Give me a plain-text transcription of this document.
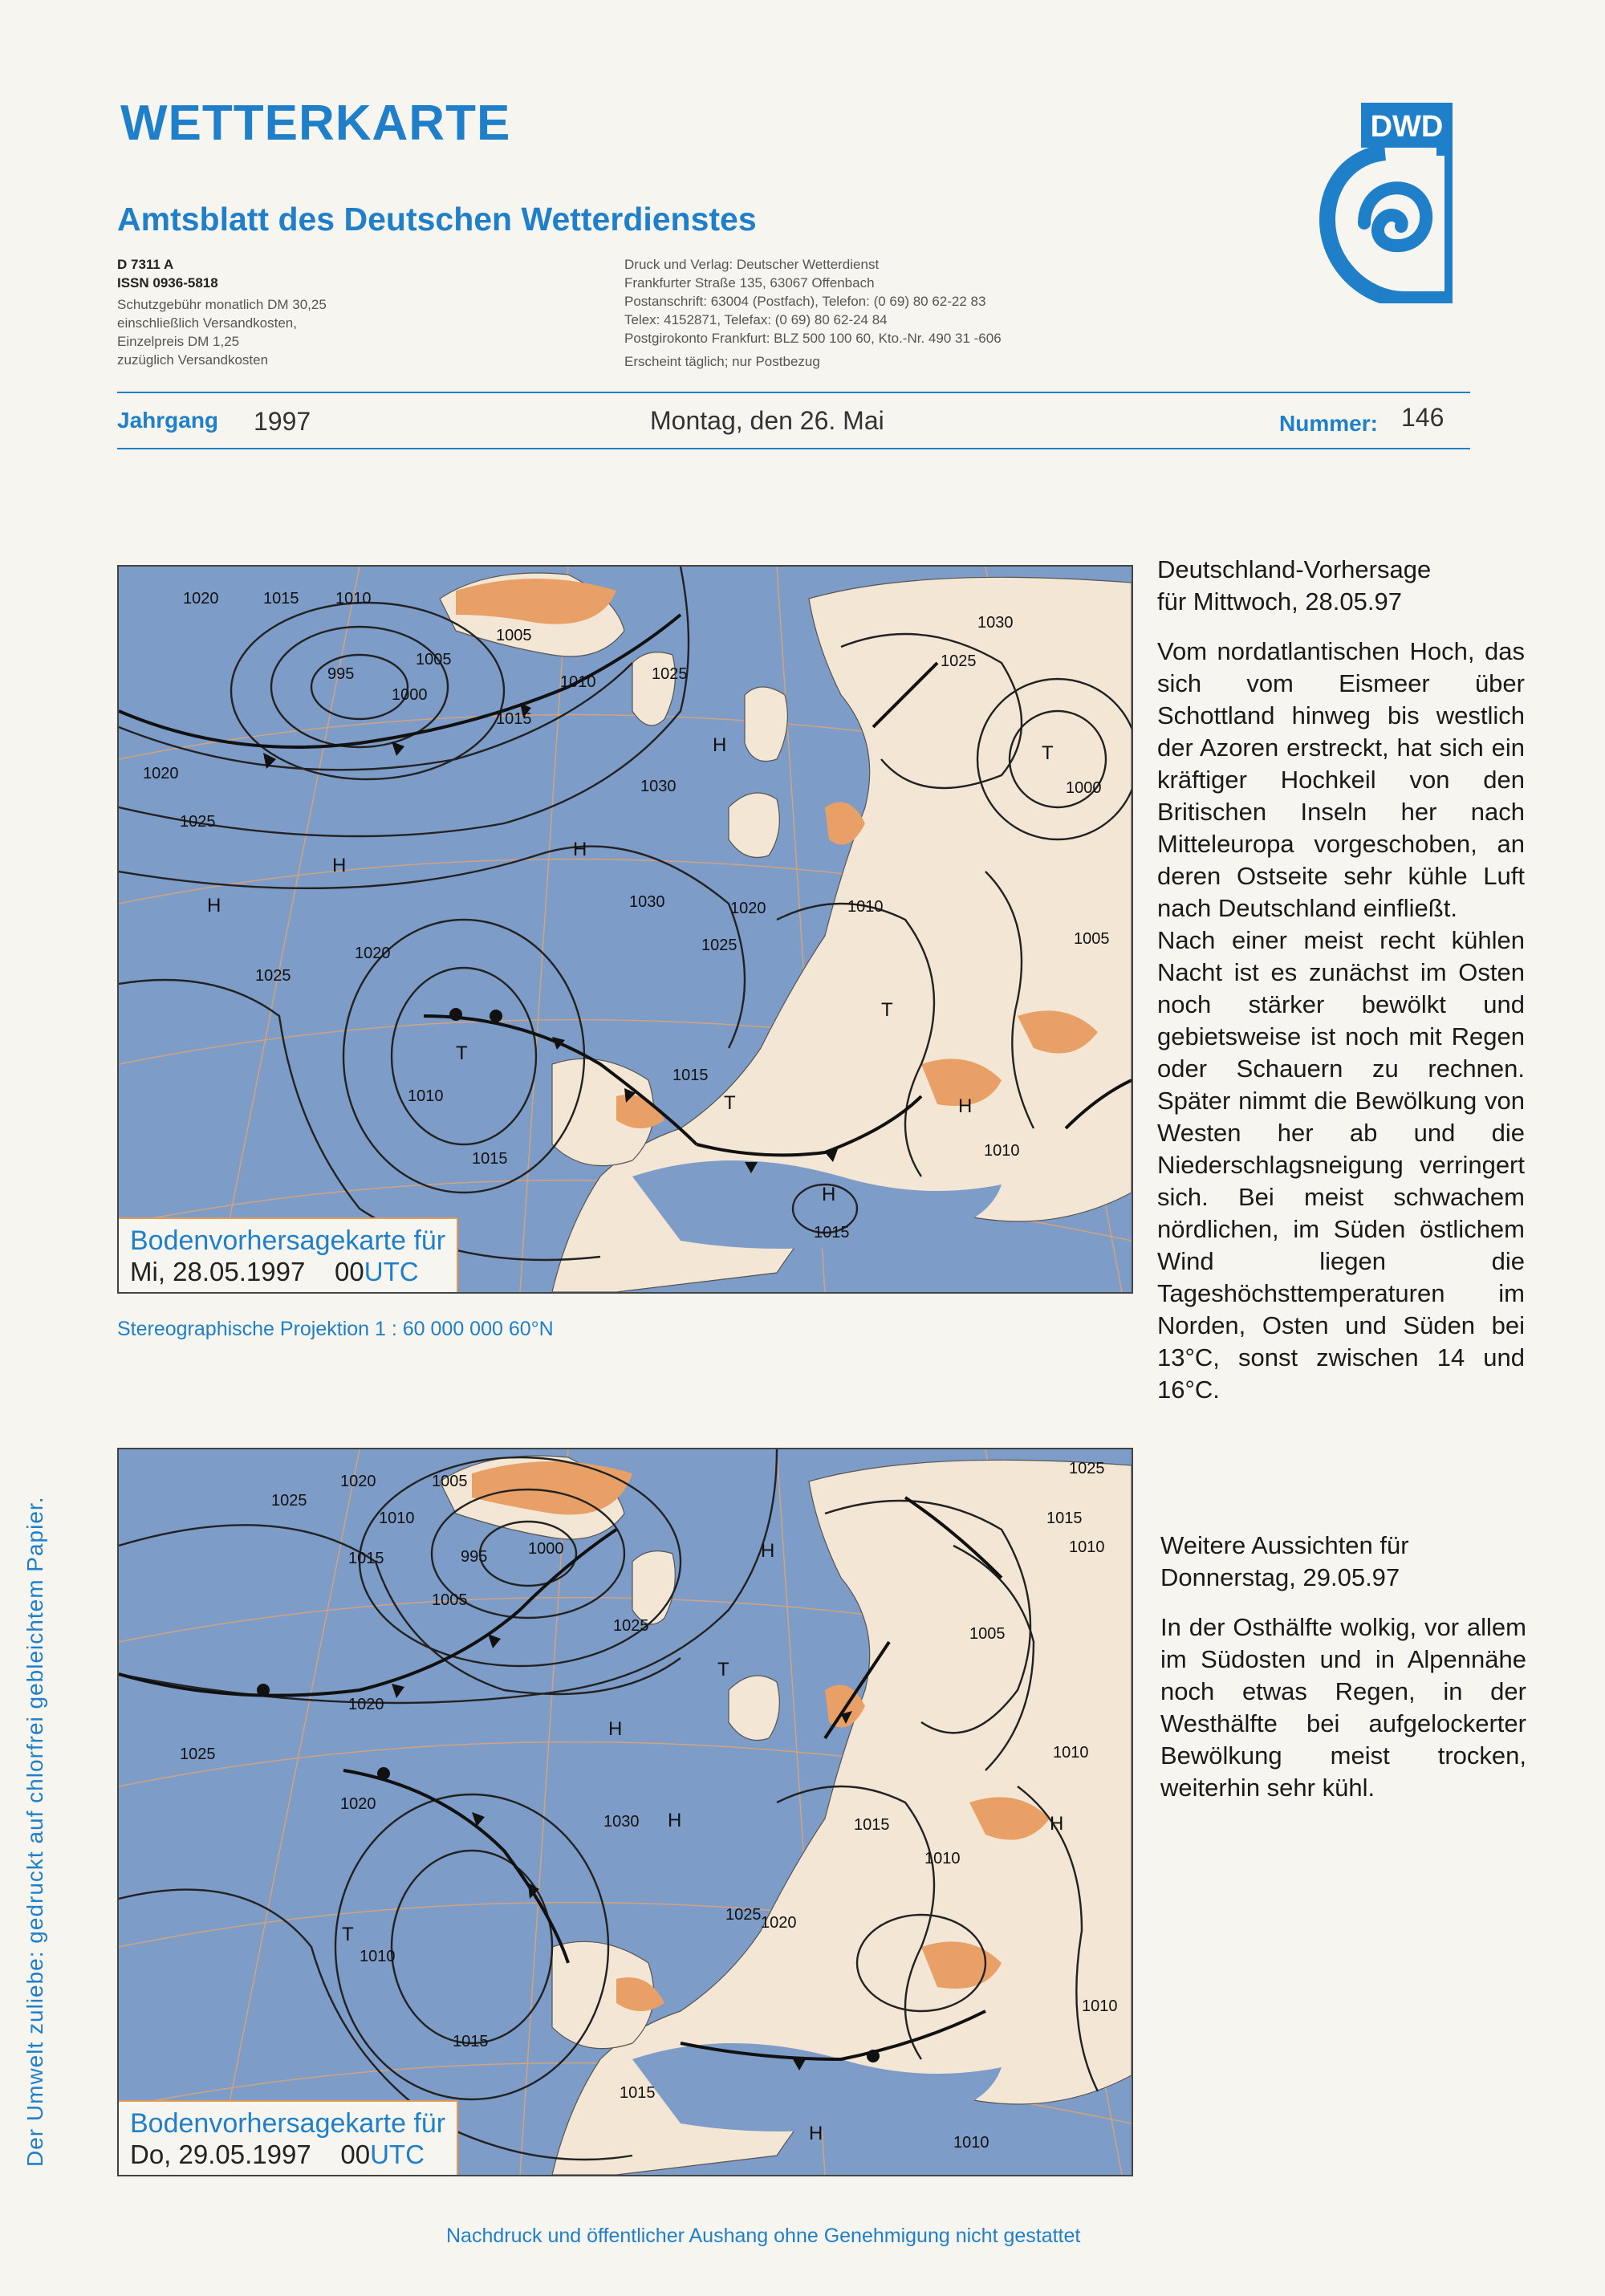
WETTERKARTE
Amtsblatt des Deutschen Wetterdienstes
D 7311 A
ISSN 0936-5818
Schutzgebühr monatlich DM 30,25
einschließlich Versandkosten,
Einzelpreis DM 1,25
zuzüglich Versandkosten
Druck und Verlag: Deutscher Wetterdienst
Frankfurter Straße 135, 63067 Offenbach
Postanschrift: 63004 (Postfach), Telefon: (0 69) 80 62-22 83
Telex: 4152871, Telefax: (0 69) 80 62-24 84
Postgirokonto Frankfurt: BLZ 500 100 60, Kto.-Nr. 490 31 -606
Erscheint täglich; nur Postbezug
DWD
Jahrgang 1997	Montag, den 26. Mai	Nummer: 146
1020	1015 1010
995
1005
1000
1005
1010
1015
1025
1030
1020
1025
H
H
H
H
1030	1020
1025
1010
T
1010
1015
1025
1020
T
1015
1010
H
1015
H
T
1005
1000
1030
1025
T
Bodenvorhersagekarte für
Mi, 28.05.1997 00UTC
Stereographische Projektion 1 : 60 000 000 60°N
1025
1020
1010
1015
1005
995	1000
1005
1025
1020
1025
H
H
H
H
T
T
1030
1020
1010
1015
1025 1020
1015
1010
1010
1015
H
1005
1025
1015
1010
1010
1010
Bodenvorhersagekarte für
Do, 29.05.1997 00UTC

Deutschland-Vorhersage

für Mittwoch, 28.05.97

Vom nordatlantischen Hoch, das sich vom Eismeer über Schottland hinweg bis westlich der Azoren erstreckt, hat sich ein kräftiger Hochkeil von den Britischen Inseln her nach Mitteleuropa vorgeschoben, an deren Ostseite sehr kühle Luft nach Deutschland einfließt.

Nach einer meist recht kühlen Nacht ist es zunächst im Osten noch stärker bewölkt und gebietsweise ist noch mit Regen oder Schauern zu rechnen. Später nimmt die Bewölkung von Westen her ab und die Niederschlagsneigung verringert sich. Bei meist schwachem nördlichen, im Süden östlichem Wind liegen die Tageshöchsttemperaturen im Norden, Osten und Süden bei 13°C, sonst zwischen 14 und 16°C.

Weitere Aussichten für

Donnerstag, 29.05.97

In der Osthälfte wolkig, vor allem im Südosten und in Alpennähe noch etwas Regen, in der Westhälfte bei aufgelockerter Bewölkung meist trocken, weiterhin sehr kühl.

Der Umwelt zuliebe: gedruckt auf chlorfrei gebleichtem Papier.
Nachdruck und öffentlicher Aushang ohne Genehmigung nicht gestattet
